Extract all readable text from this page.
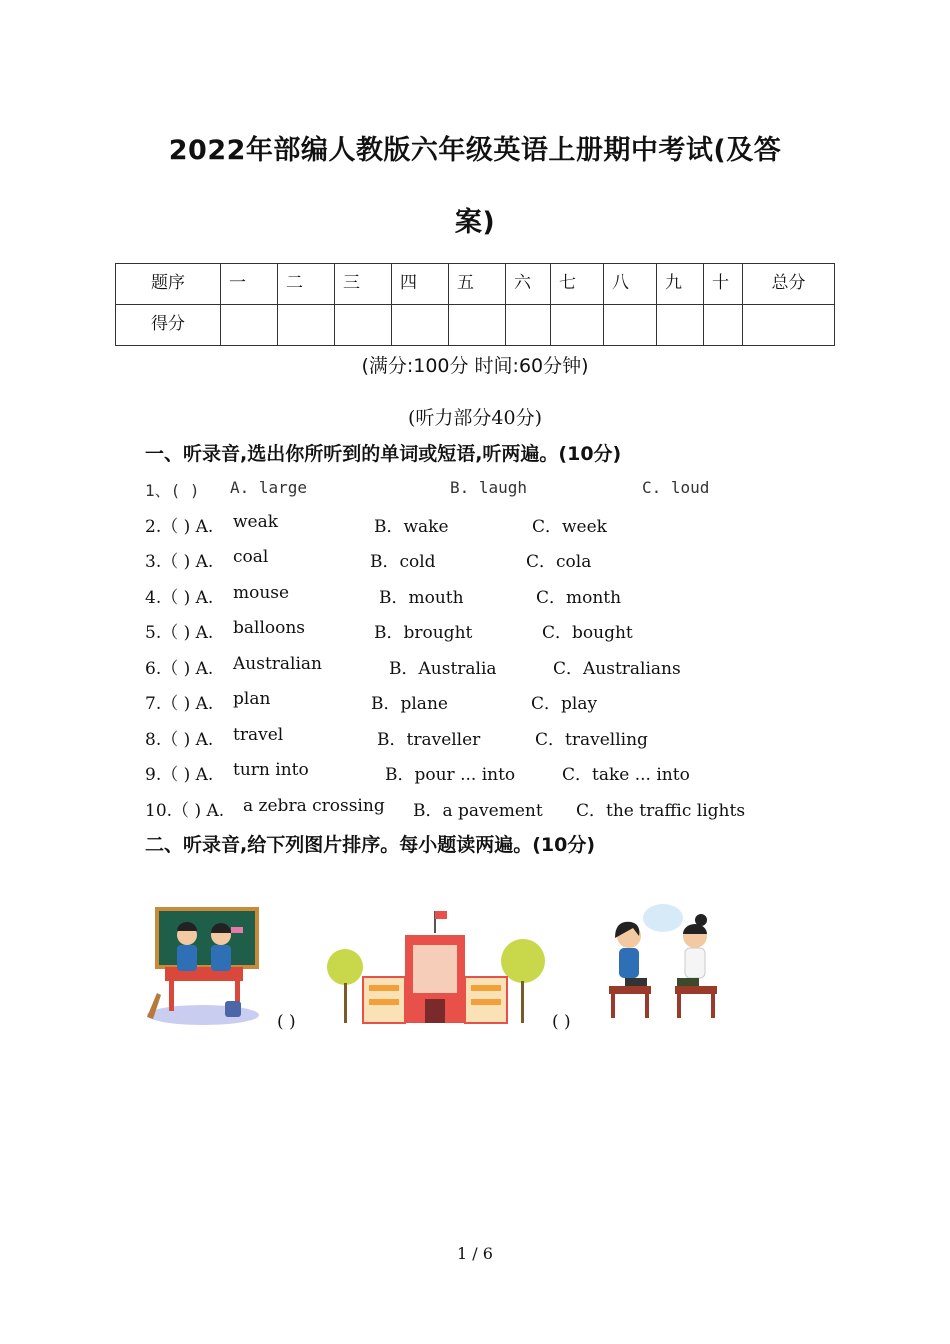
2022年部编人教版六年级英语上册期中考试(及答
案)
题序	一	二	三	四	五	六	七	八	九	十	总分
得分											
(满分:100分 时间:60分钟)
(听力部分40分)
一、听录音,选出你所听到的单词或短语,听两遍。(10分)
1、( ) A. large	B. laugh	C. loud
2.（ ) A. weak	B．wake	C．week
3.（ ) A. coal	B．cold	C．cola
4.（ ) A. mouse	B．mouth	C．month
5.（ ) A. balloons	B．brought	C．bought
6.（ ) A. Australian	B．Australia	C．Australians
7.（ ) A. plan	B．plane	C．play
8.（ ) A. travel	B．traveller	C．travelling
9.（ ) A. turn into	B．pour ... into	C．take ... into
10.（ ) A. a zebra crossing B．a pavement C．the traffic lights
二、听录音,给下列图片排序。每小题读两遍。(10分)
( )	( )
1 / 6
